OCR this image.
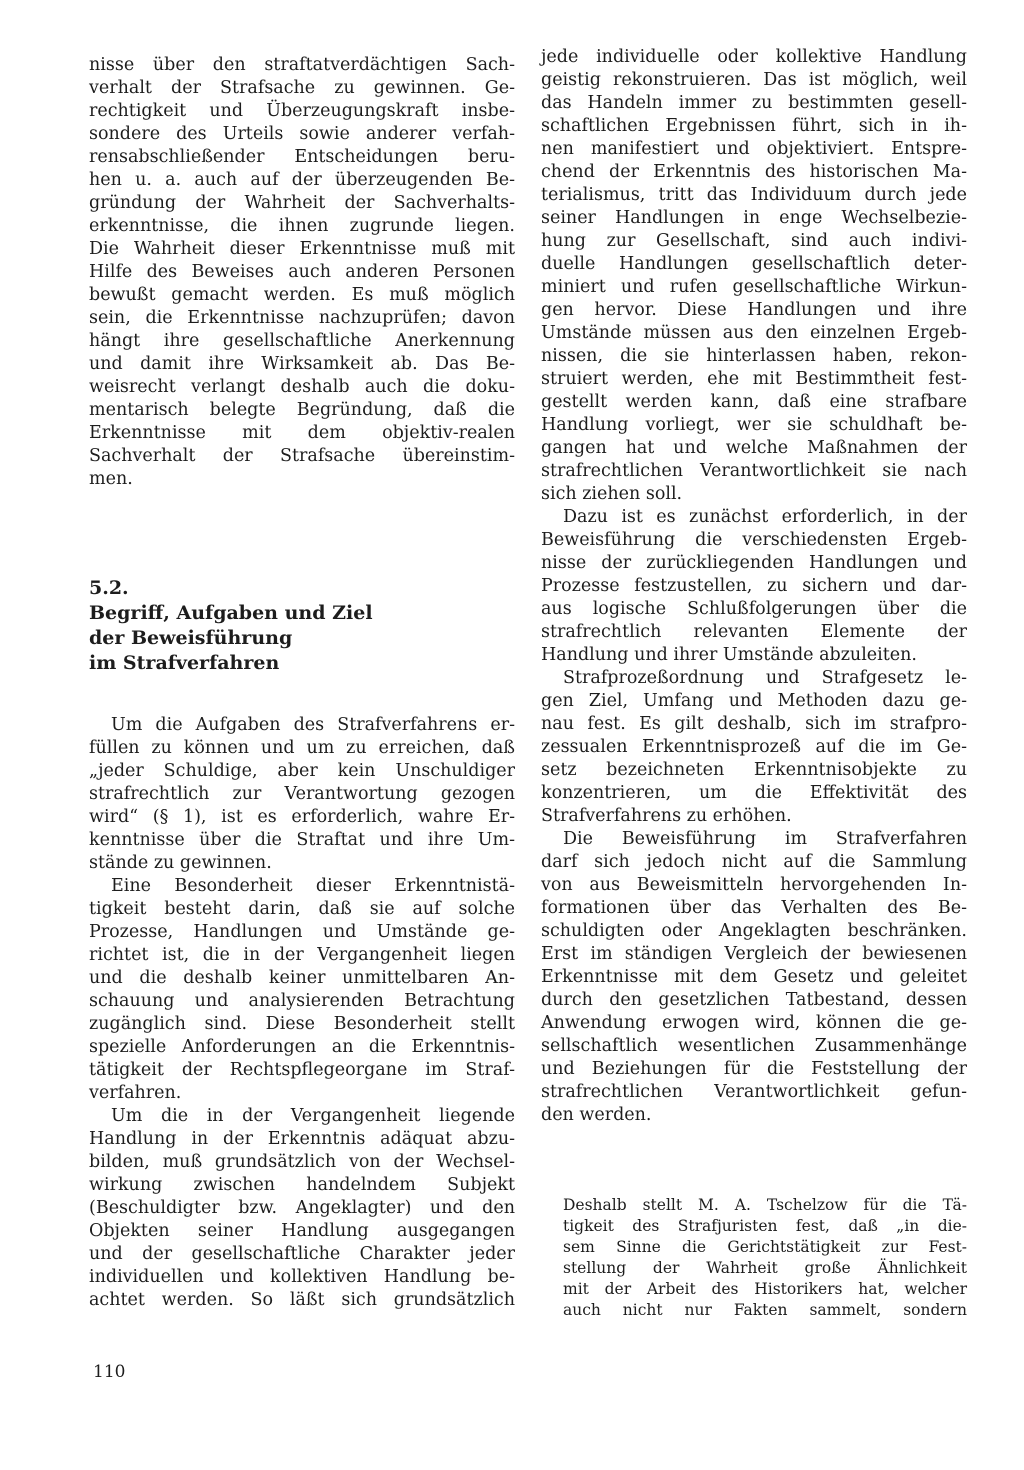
nisse über den straftatverdächtigen Sach-
verhalt der Strafsache zu gewinnen. Ge-
rechtigkeit und Überzeugungskraft insbe-
sondere des Urteils sowie anderer verfah-
rensabschließender Entscheidungen beru-
hen u. a. auch auf der überzeugenden Be-
gründung der Wahrheit der Sachverhalts-
erkenntnisse, die ihnen zugrunde liegen.
Die Wahrheit dieser Erkenntnisse muß mit
Hilfe des Beweises auch anderen Personen
bewußt gemacht werden. Es muß möglich
sein, die Erkenntnisse nachzuprüfen; davon
hängt ihre gesellschaftliche Anerkennung
und damit ihre Wirksamkeit ab. Das Be-
weisrecht verlangt deshalb auch die doku-
mentarisch belegte Begründung, daß die
Erkenntnisse mit dem objektiv-realen
Sachverhalt der Strafsache übereinstim-
men.
5.2.
Begriff, Aufgaben und Ziel
der Beweisführung
im Strafverfahren
Um die Aufgaben des Strafverfahrens er-
füllen zu können und um zu erreichen, daß
„jeder Schuldige, aber kein Unschuldiger
strafrechtlich zur Verantwortung gezogen
wird“ (§ 1), ist es erforderlich, wahre Er-
kenntnisse über die Straftat und ihre Um-
stände zu gewinnen.
Eine Besonderheit dieser Erkenntnistä-
tigkeit besteht darin, daß sie auf solche
Prozesse, Handlungen und Umstände ge-
richtet ist, die in der Vergangenheit liegen
und die deshalb keiner unmittelbaren An-
schauung und analysierenden Betrachtung
zugänglich sind. Diese Besonderheit stellt
spezielle Anforderungen an die Erkenntnis-
tätigkeit der Rechtspflegeorgane im Straf-
verfahren.
Um die in der Vergangenheit liegende
Handlung in der Erkenntnis adäquat abzu-
bilden, muß grundsätzlich von der Wechsel-
wirkung zwischen handelndem Subjekt
(Beschuldigter bzw. Angeklagter) und den
Objekten seiner Handlung ausgegangen
und der gesellschaftliche Charakter jeder
individuellen und kollektiven Handlung be-
achtet werden. So läßt sich grundsätzlich
jede individuelle oder kollektive Handlung
geistig rekonstruieren. Das ist möglich, weil
das Handeln immer zu bestimmten gesell-
schaftlichen Ergebnissen führt, sich in ih-
nen manifestiert und objektiviert. Entspre-
chend der Erkenntnis des historischen Ma-
terialismus, tritt das Individuum durch jede
seiner Handlungen in enge Wechselbezie-
hung zur Gesellschaft, sind auch indivi-
duelle Handlungen gesellschaftlich deter-
miniert und rufen gesellschaftliche Wirkun-
gen hervor. Diese Handlungen und ihre
Umstände müssen aus den einzelnen Ergeb-
nissen, die sie hinterlassen haben, rekon-
struiert werden, ehe mit Bestimmtheit fest-
gestellt werden kann, daß eine strafbare
Handlung vorliegt, wer sie schuldhaft be-
gangen hat und welche Maßnahmen der
strafrechtlichen Verantwortlichkeit sie nach
sich ziehen soll.
Dazu ist es zunächst erforderlich, in der
Beweisführung die verschiedensten Ergeb-
nisse der zurückliegenden Handlungen und
Prozesse festzustellen, zu sichern und dar-
aus logische Schlußfolgerungen über die
strafrechtlich relevanten Elemente der
Handlung und ihrer Umstände abzuleiten.
Strafprozeßordnung und Strafgesetz le-
gen Ziel, Umfang und Methoden dazu ge-
nau fest. Es gilt deshalb, sich im strafpro-
zessualen Erkenntnisprozeß auf die im Ge-
setz bezeichneten Erkenntnisobjekte zu
konzentrieren, um die Effektivität des
Strafverfahrens zu erhöhen.
Die Beweisführung im Strafverfahren
darf sich jedoch nicht auf die Sammlung
von aus Beweismitteln hervorgehenden In-
formationen über das Verhalten des Be-
schuldigten oder Angeklagten beschränken.
Erst im ständigen Vergleich der bewiesenen
Erkenntnisse mit dem Gesetz und geleitet
durch den gesetzlichen Tatbestand, dessen
Anwendung erwogen wird, können die ge-
sellschaftlich wesentlichen Zusammenhänge
und Beziehungen für die Feststellung der
strafrechtlichen Verantwortlichkeit gefun-
den werden.
Deshalb stellt M. A. Tschelzow für die Tä-
tigkeit des Strafjuristen fest, daß „in die-
sem Sinne die Gerichtstätigkeit zur Fest-
stellung der Wahrheit große Ähnlichkeit
mit der Arbeit des Historikers hat, welcher
auch nicht nur Fakten sammelt, sondern
110
